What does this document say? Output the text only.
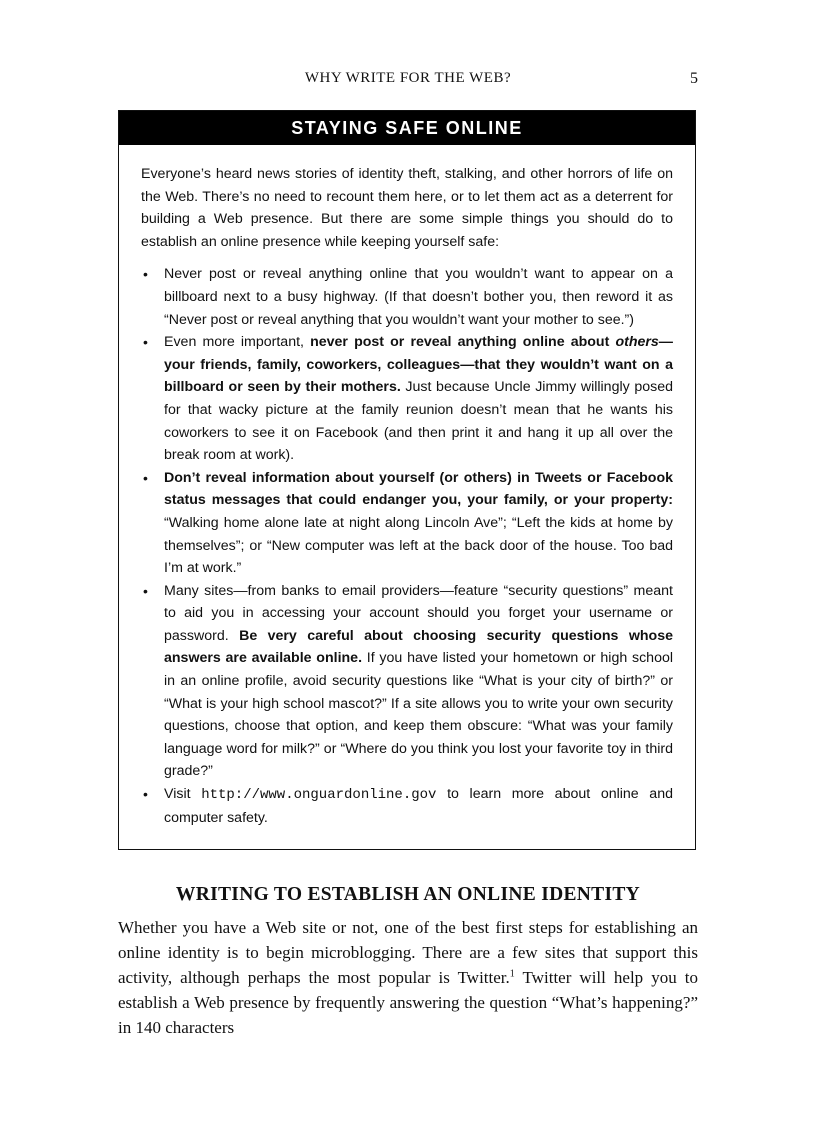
WHY WRITE FOR THE WEB?	5
STAYING SAFE ONLINE

Everyone’s heard news stories of identity theft, stalking, and other horrors of life on the Web. There’s no need to recount them here, or to let them act as a deterrent for building a Web presence. But there are some simple things you should do to establish an online presence while keeping yourself safe:

• Never post or reveal anything online that you wouldn’t want to appear on a billboard next to a busy highway. (If that doesn’t bother you, then reword it as “Never post or reveal anything that you wouldn’t want your mother to see.”)
• Even more important, never post or reveal anything online about others—your friends, family, coworkers, colleagues—that they wouldn’t want on a billboard or seen by their mothers. Just because Uncle Jimmy willingly posed for that wacky picture at the family reunion doesn’t mean that he wants his coworkers to see it on Facebook (and then print it and hang it up all over the break room at work).
• Don’t reveal information about yourself (or others) in Tweets or Facebook status messages that could endanger you, your family, or your property: “Walking home alone late at night along Lincoln Ave”; “Left the kids at home by themselves”; or “New computer was left at the back door of the house. Too bad I’m at work.”
• Many sites—from banks to email providers—feature “security questions” meant to aid you in accessing your account should you forget your username or password. Be very careful about choosing security questions whose answers are available online. If you have listed your hometown or high school in an online profile, avoid security questions like “What is your city of birth?” or “What is your high school mascot?” If a site allows you to write your own security questions, choose that option, and keep them obscure: “What was your family language word for milk?” or “Where do you think you lost your favorite toy in third grade?”
• Visit http://www.onguardonline.gov to learn more about online and computer safety.
WRITING TO ESTABLISH AN ONLINE IDENTITY
Whether you have a Web site or not, one of the best first steps for establishing an online identity is to begin microblogging. There are a few sites that support this activity, although perhaps the most popular is Twitter.$^1$ Twitter will help you to establish a Web presence by frequently answering the question “What’s happening?” in 140 characters
